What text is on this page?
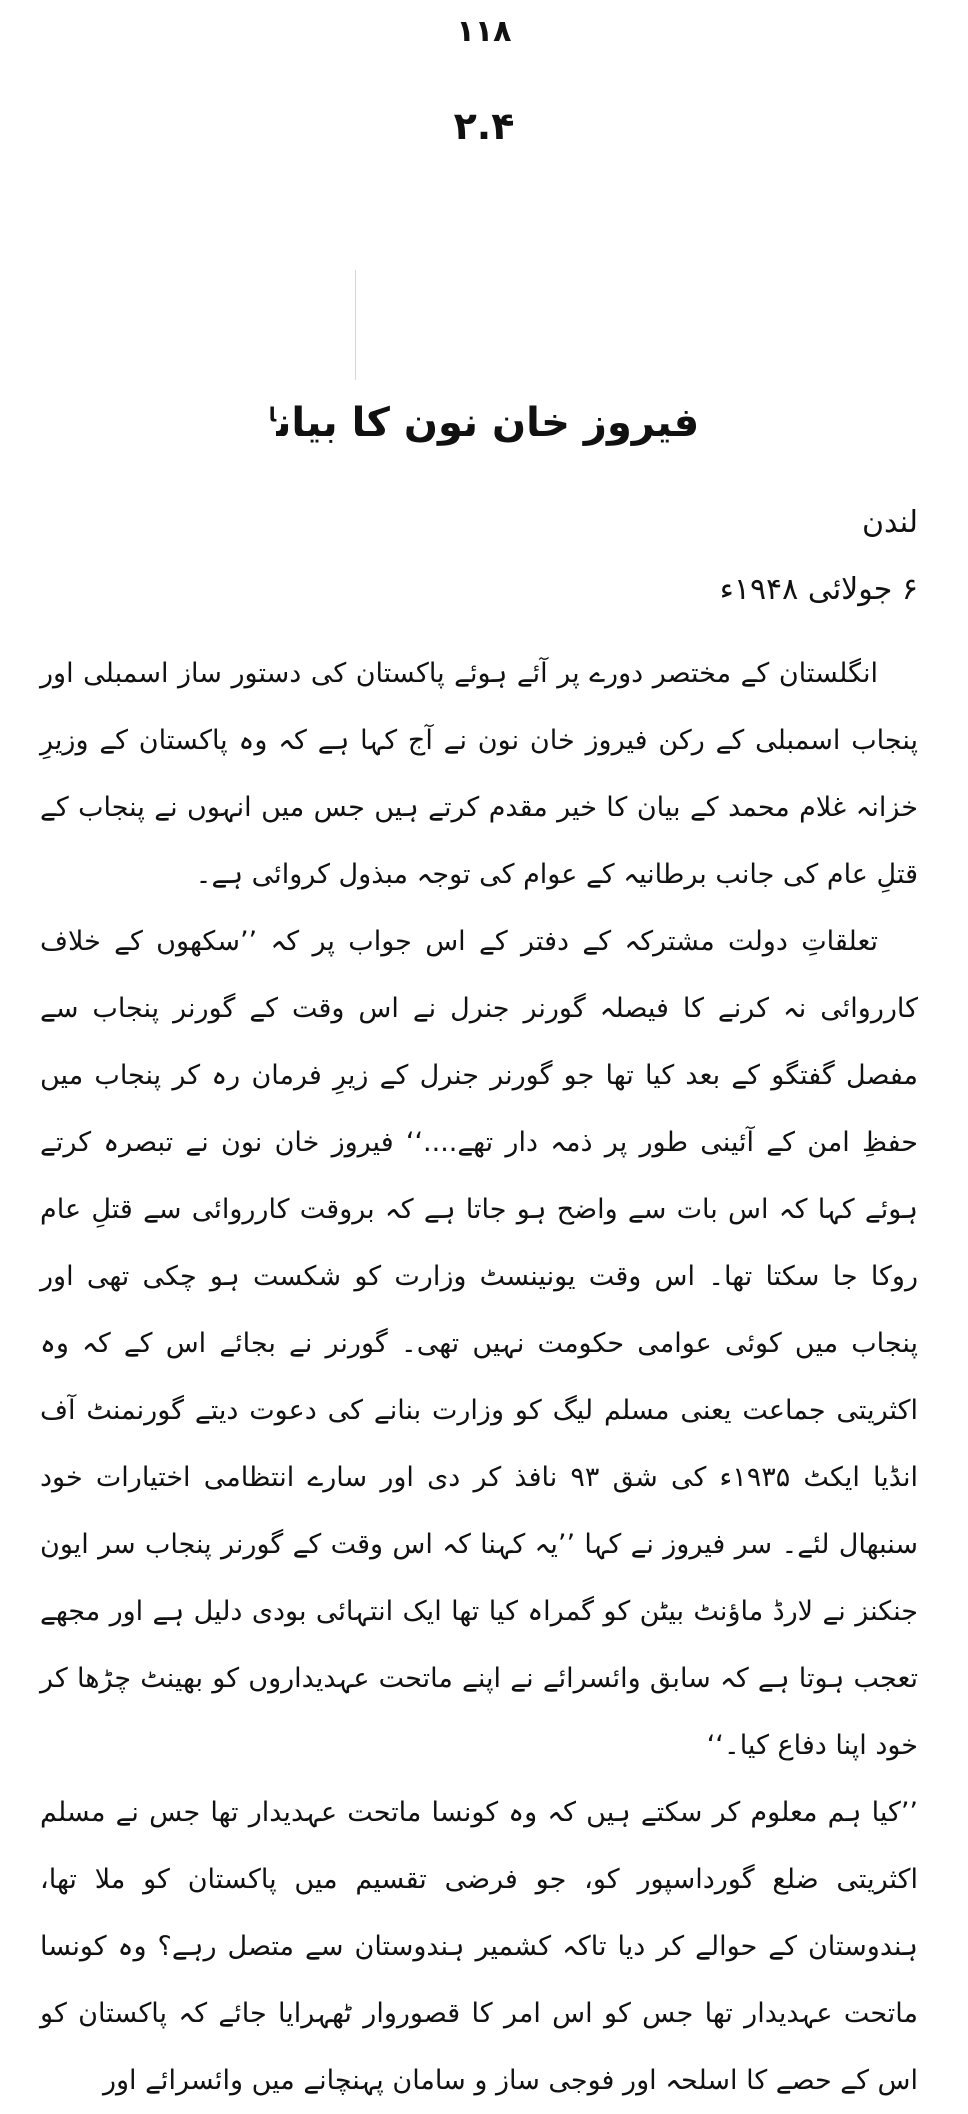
۱۱۸
۲.۴
فیروز خان نون کا بیان$^ا$
لندن
۶ جولائی ۱۹۴۸ء

انگلستان کے مختصر دورے پر آئے ہوئے پاکستان کی دستور ساز اسمبلی اور پنجاب اسمبلی کے رکن فیروز خان نون نے آج کہا ہے کہ وہ پاکستان کے وزیرِ خزانہ غلام محمد کے بیان کا خیر مقدم کرتے ہیں جس میں انہوں نے پنجاب کے قتلِ عام کی جانب برطانیہ کے عوام کی توجہ مبذول کروائی ہے۔

تعلقاتِ دولت مشترکہ کے دفتر کے اس جواب پر کہ ’’سکھوں کے خلاف کارروائی نہ کرنے کا فیصلہ گورنر جنرل نے اس وقت کے گورنر پنجاب سے مفصل گفتگو کے بعد کیا تھا جو گورنر جنرل کے زیرِ فرمان رہ کر پنجاب میں حفظِ امن کے آئینی طور پر ذمہ دار تھے....‘‘ فیروز خان نون نے تبصرہ کرتے ہوئے کہا کہ اس بات سے واضح ہو جاتا ہے کہ بروقت کارروائی سے قتلِ عام روکا جا سکتا تھا۔ اس وقت یونینسٹ وزارت کو شکست ہو چکی تھی اور پنجاب میں کوئی عوامی حکومت نہیں تھی۔ گورنر نے بجائے اس کے کہ وہ اکثریتی جماعت یعنی مسلم لیگ کو وزارت بنانے کی دعوت دیتے گورنمنٹ آف انڈیا ایکٹ ۱۹۳۵ء کی شق ۹۳ نافذ کر دی اور سارے انتظامی اختیارات خود سنبھال لئے۔ سر فیروز نے کہا ’’یہ کہنا کہ اس وقت کے گورنر پنجاب سر ایون جنکنز نے لارڈ ماؤنٹ بیٹن کو گمراہ کیا تھا ایک انتہائی بودی دلیل ہے اور مجھے تعجب ہوتا ہے کہ سابق وائسرائے نے اپنے ماتحت عہدیداروں کو بھینٹ چڑھا کر خود اپنا دفاع کیا۔‘‘

’’کیا ہم معلوم کر سکتے ہیں کہ وہ کونسا ماتحت عہدیدار تھا جس نے مسلم اکثریتی ضلع گورداسپور کو، جو فرضی تقسیم میں پاکستان کو ملا تھا، ہندوستان کے حوالے کر دیا تاکہ کشمیر ہندوستان سے متصل رہے؟ وہ کونسا ماتحت عہدیدار تھا جس کو اس امر کا قصوروار ٹھہرایا جائے کہ پاکستان کو اس کے حصے کا اسلحہ اور فوجی ساز و سامان پہنچانے میں وائسرائے اور
